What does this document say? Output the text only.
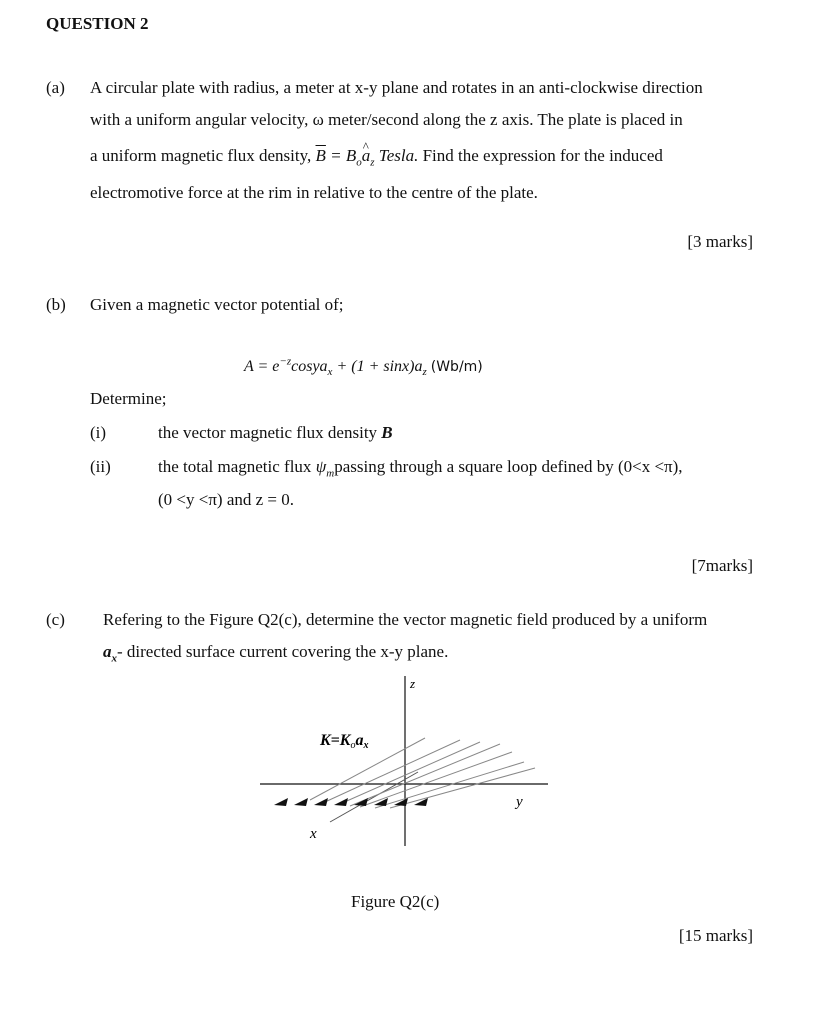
QUESTION 2
(a) A circular plate with radius, a meter at x-y plane and rotates in an anti-clockwise direction
with a uniform angular velocity, ω meter/second along the z axis. The plate is placed in
a uniform magnetic flux density, $\overline{B}$ = $B_o\^{}$ $a_z$ Tesla. Find the expression for the induced
electromotive force at the rim in relative to the centre of the plate.
[3 marks]
(b) Given a magnetic vector potential of;
$A = e^{-z}cosya_x + (1 + \sin x)a_z$ (Wb/m)
Determine;
(i)	the vector magnetic flux density B
(ii)	the total magnetic flux $\psi_mpassing$ through a square loop defined by (0<x <π),
(0 <y <π) and z = 0.
[7marks]
(c) Refering to the Figure Q2(c), determine the vector magnetic field produced by a uniform
$a_x-$ directed surface current covering the x-y plane.
K=Koax
z
y
x
Figure Q2(c)
[15 marks]
